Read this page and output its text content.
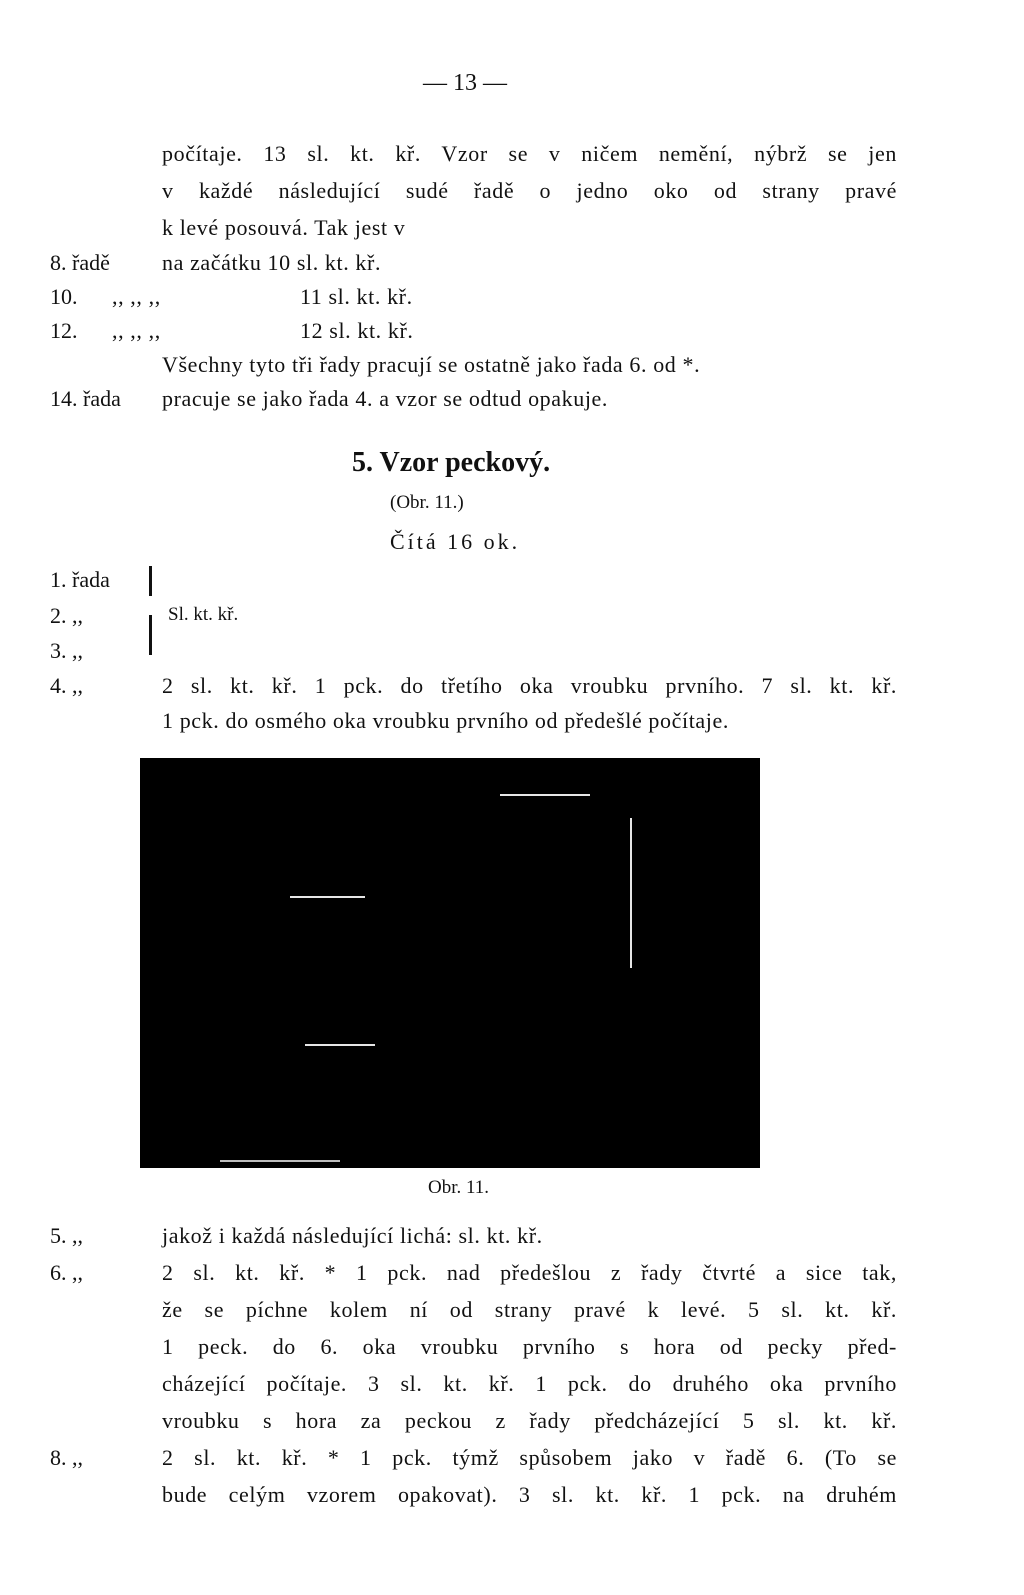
— 13 —
počítaje. 13 sl. kt. kř. Vzor se v ničem nemění, nýbrž se jen
v každé následující sudé řadě o jedno oko od strany pravé
k levé posouvá. Tak jest v
8. řadě na začátku 10 sl. kt. kř.
10. ,, ,, ,,	11 sl. kt. kř.
12. ,, ,, ,,	12 sl. kt. kř.
Všechny tyto tři řady pracují se ostatně jako řada 6. od *.
14. řada pracuje se jako řada 4. a vzor se odtud opakuje.
5. Vzor peckový.
(Obr. 11.)
Čítá 16 ok.
1. řada
2. ,,
3. ,,
Sl. kt. kř.
4. ,,	2 sl. kt. kř. 1 pck. do třetího oka vroubku prvního. 7 sl. kt. kř.
1 pck. do osmého oka vroubku prvního od předešlé počítaje.
Obr. 11.
5. ,,	jakož i každá následující lichá: sl. kt. kř.
6. ,,	2 sl. kt. kř. * 1 pck. nad předešlou z řady čtvrté a sice tak,
že se píchne kolem ní od strany pravé k levé. 5 sl. kt. kř.
1 peck. do 6. oka vroubku prvního s hora od pecky před-
cházející počítaje. 3 sl. kt. kř. 1 pck. do druhého oka prvního
vroubku s hora za peckou z řady předcházející 5 sl. kt. kř.
8. ,,	2 sl. kt. kř. * 1 pck. týmž spůsobem jako v řadě 6. (To se
bude celým vzorem opakovat). 3 sl. kt. kř. 1 pck. na druhém
